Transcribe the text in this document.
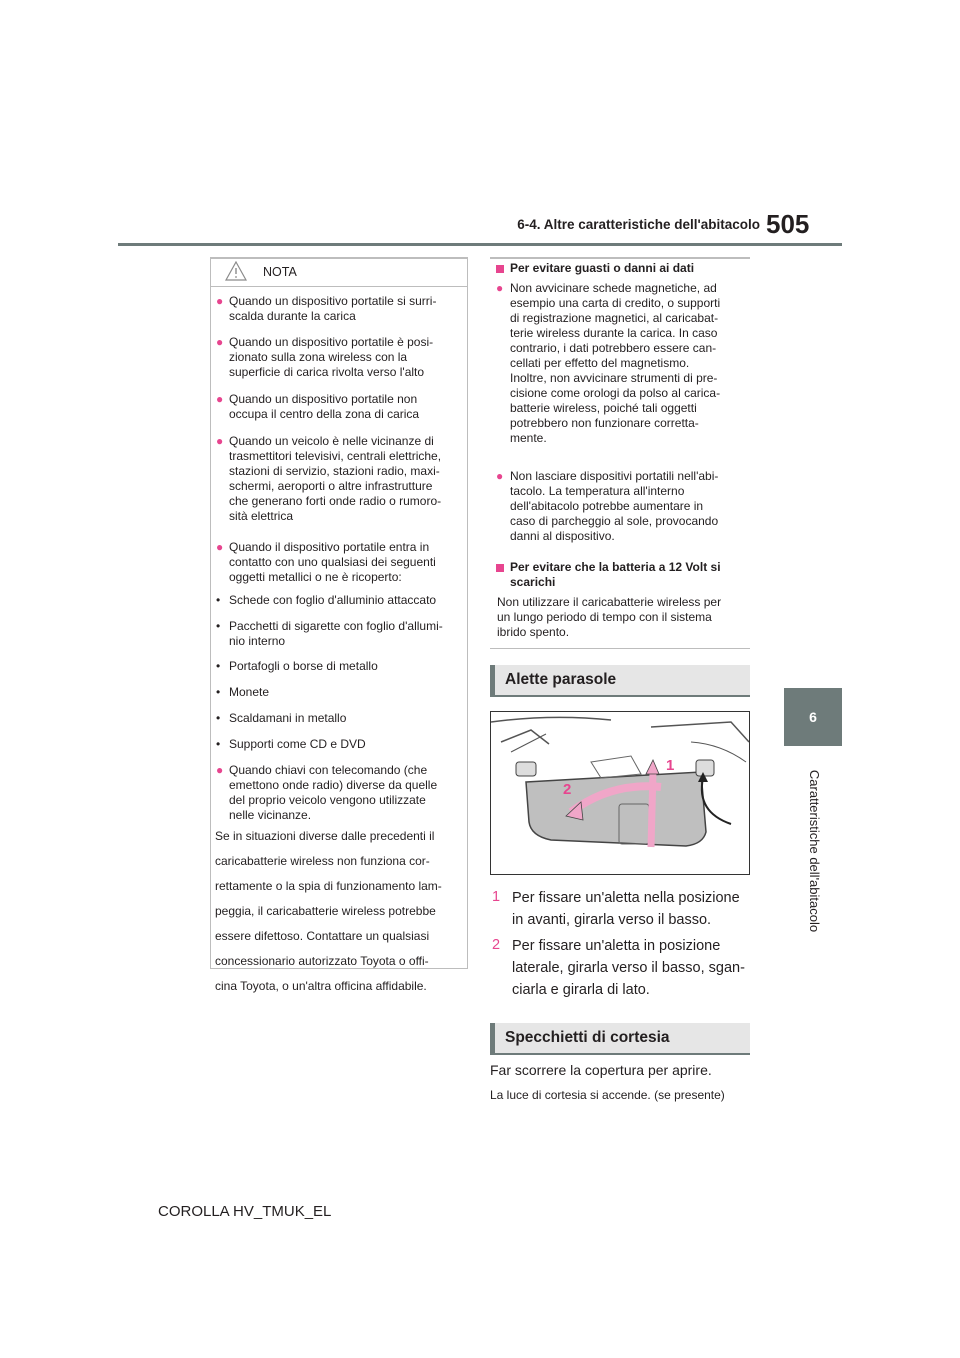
6-4. Altre caratteristiche dell'abitacolo 505
6
Caratteristiche dell'abitacolo
NOTA
● Quando un dispositivo portatile si surri-
scalda durante la carica
● Quando un dispositivo portatile è posi-
zionato sulla zona wireless con la
superficie di carica rivolta verso l'alto
● Quando un dispositivo portatile non
occupa il centro della zona di carica
● Quando un veicolo è nelle vicinanze di
trasmettitori televisivi, centrali elettriche,
stazioni di servizio, stazioni radio, maxi-
schermi, aeroporti o altre infrastrutture
che generano forti onde radio o rumoro-
sità elettrica
● Quando il dispositivo portatile entra in
contatto con uno qualsiasi dei seguenti
oggetti metallici o ne è ricoperto:
• Schede con foglio d'alluminio attaccato
• Pacchetti di sigarette con foglio d'allumi-
nio interno
• Portafogli o borse di metallo
• Monete
• Scaldamani in metallo
• Supporti come CD e DVD
● Quando chiavi con telecomando (che
emettono onde radio) diverse da quelle
del proprio veicolo vengono utilizzate
nelle vicinanze.
Se in situazioni diverse dalle precedenti il
caricabatterie wireless non funziona cor-
rettamente o la spia di funzionamento lam-
peggia, il caricabatterie wireless potrebbe
essere difettoso. Contattare un qualsiasi
concessionario autorizzato Toyota o offi-
cina Toyota, o un'altra officina affidabile.
Per evitare guasti o danni ai dati
● Non avvicinare schede magnetiche, ad
esempio una carta di credito, o supporti
di registrazione magnetici, al caricabat-
terie wireless durante la carica. In caso
contrario, i dati potrebbero essere can-
cellati per effetto del magnetismo.
Inoltre, non avvicinare strumenti di pre-
cisione come orologi da polso al carica-
batterie wireless, poiché tali oggetti
potrebbero non funzionare corretta-
mente.
● Non lasciare dispositivi portatili nell'abi-
tacolo. La temperatura all'interno
dell'abitacolo potrebbe aumentare in
caso di parcheggio al sole, provocando
danni al dispositivo.
Per evitare che la batteria a 12 Volt si
scarichi
Non utilizzare il caricabatterie wireless per
un lungo periodo di tempo con il sistema
ibrido spento.
Alette parasole
1
2
1 Per fissare un'aletta nella posizione
in avanti, girarla verso il basso.
2 Per fissare un'aletta in posizione
laterale, girarla verso il basso, sgan-
ciarla e girarla di lato.
Specchietti di cortesia
Far scorrere la copertura per aprire.
La luce di cortesia si accende. (se presente)
COROLLA HV_TMUK_EL
